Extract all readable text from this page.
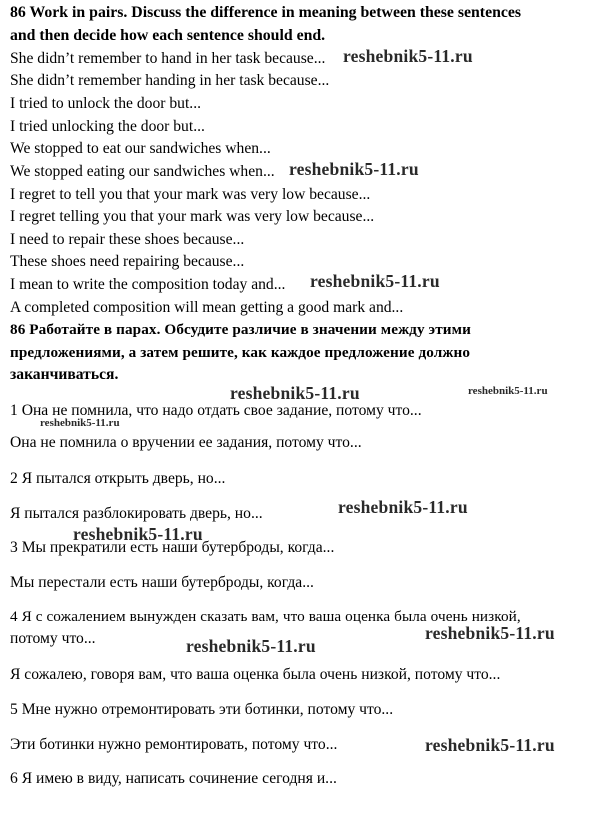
86 Work in pairs. Discuss the difference in meaning between these sentences
and then decide how each sentence should end.
She didn’t remember to hand in her task because...
She didn’t remember handing in her task because...
I tried to unlock the door but...
I tried unlocking the door but...
We stopped to eat our sandwiches when...
We stopped eating our sandwiches when...
I regret to tell you that your mark was very low because...
I regret telling you that your mark was very low because...
I need to repair these shoes because...
These shoes need repairing because...
I mean to write the composition today and...
A completed composition will mean getting a good mark and...
86 Работайте в парах. Обсудите различие в значении между этими
предложениями, а затем решите, как каждое предложение должно
заканчиваться.
1 Она не помнила, что надо отдать свое задание, потому что...
Она не помнила о вручении ее задания, потому что...
2 Я пытался открыть дверь, но...
Я пытался разблокировать дверь, но...
3 Мы прекратили есть наши бутерброды, когда...
Мы перестали есть наши бутерброды, когда...
4 Я с сожалением вынужден сказать вам, что ваша оценка была очень низкой,
потому что...
Я сожалею, говоря вам, что ваша оценка была очень низкой, потому что...
5 Мне нужно отремонтировать эти ботинки, потому что...
Эти ботинки нужно ремонтировать, потому что...
6 Я имею в виду, написать сочинение сегодня и...
reshebnik5-11.ru
reshebnik5-11.ru
reshebnik5-11.ru
reshebnik5-11.ru	reshebnik5-11.ru
reshebnik5-11.ru
reshebnik5-11.ru
reshebnik5-11.ru
reshebnik5-11.ru
reshebnik5-11.ru
reshebnik5-11.ru
